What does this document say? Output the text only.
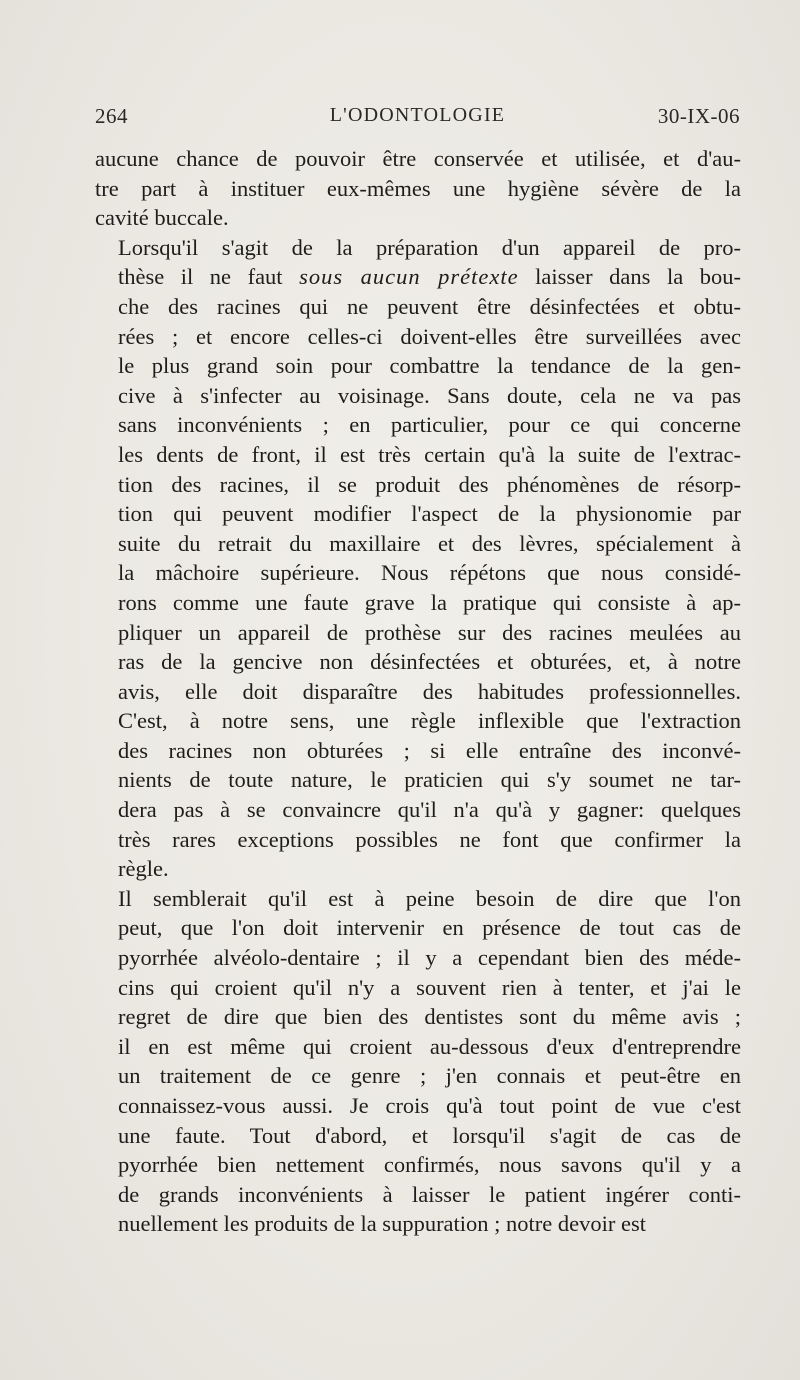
264	L'ODONTOLOGIE	30-IX-06

aucune chance de pouvoir être conservée et utilisée, et d'au-
tre part à instituer eux-mêmes une hygiène sévère de la
cavité buccale.

Lorsqu'il s'agit de la préparation d'un appareil de pro-
thèse il ne faut sous aucun prétexte laisser dans la bou-
che des racines qui ne peuvent être désinfectées et obtu-
rées ; et encore celles-ci doivent-elles être surveillées avec
le plus grand soin pour combattre la tendance de la gen-
cive à s'infecter au voisinage. Sans doute, cela ne va pas
sans inconvénients ; en particulier, pour ce qui concerne
les dents de front, il est très certain qu'à la suite de l'extrac-
tion des racines, il se produit des phénomènes de résorp-
tion qui peuvent modifier l'aspect de la physionomie par
suite du retrait du maxillaire et des lèvres, spécialement à
la mâchoire supérieure. Nous répétons que nous considé-
rons comme une faute grave la pratique qui consiste à ap-
pliquer un appareil de prothèse sur des racines meulées au
ras de la gencive non désinfectées et obturées, et, à notre
avis, elle doit disparaître des habitudes professionnelles.
C'est, à notre sens, une règle inflexible que l'extraction
des racines non obturées ; si elle entraîne des inconvé-
nients de toute nature, le praticien qui s'y soumet ne tar-
dera pas à se convaincre qu'il n'a qu'à y gagner: quelques
très rares exceptions possibles ne font que confirmer la
règle.

Il semblerait qu'il est à peine besoin de dire que l'on
peut, que l'on doit intervenir en présence de tout cas de
pyorrhée alvéolo-dentaire ; il y a cependant bien des méde-
cins qui croient qu'il n'y a souvent rien à tenter, et j'ai le
regret de dire que bien des dentistes sont du même avis ;
il en est même qui croient au-dessous d'eux d'entreprendre
un traitement de ce genre ; j'en connais et peut-être en
connaissez-vous aussi. Je crois qu'à tout point de vue c'est
une faute. Tout d'abord, et lorsqu'il s'agit de cas de
pyorrhée bien nettement confirmés, nous savons qu'il y a
de grands inconvénients à laisser le patient ingérer conti-
nuellement les produits de la suppuration ; notre devoir est
